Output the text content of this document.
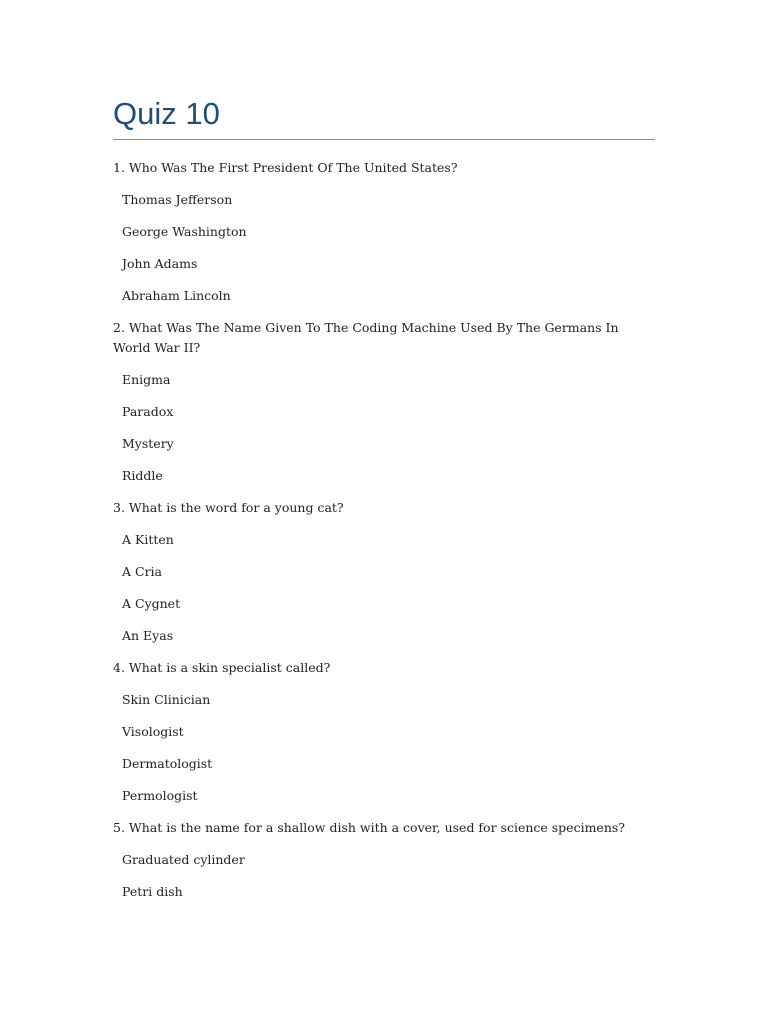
Quiz 10

1. Who Was The First President Of The United States?

Thomas Jefferson

George Washington

John Adams

Abraham Lincoln

2. What Was The Name Given To The Coding Machine Used By The Germans In World War II?

Enigma

Paradox

Mystery

Riddle

3. What is the word for a young cat?

A Kitten

A Cria

A Cygnet

An Eyas

4. What is a skin specialist called?

Skin Clinician

Visologist

Dermatologist

Permologist

5. What is the name for a shallow dish with a cover, used for science specimens?

Graduated cylinder

Petri dish
